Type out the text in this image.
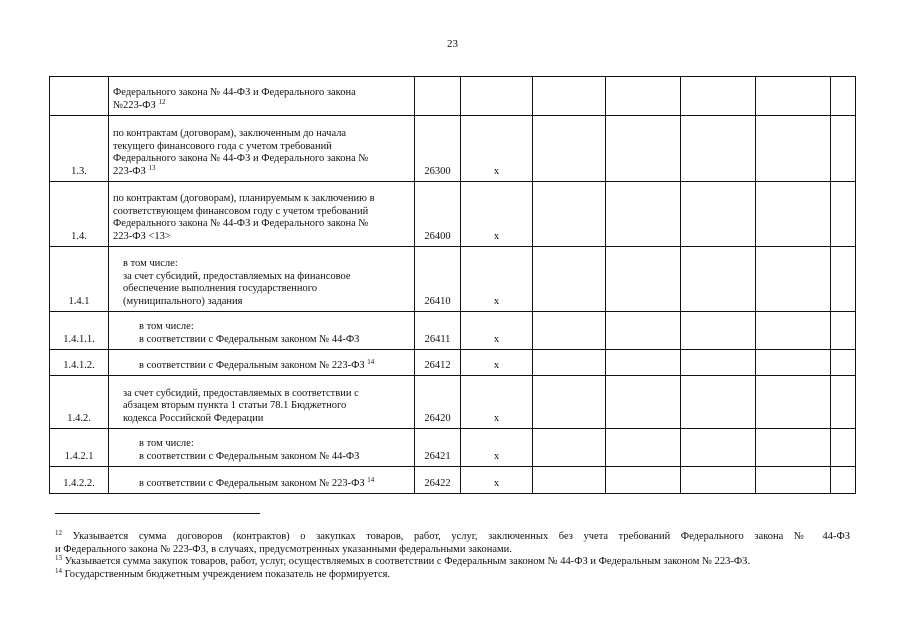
23

	Федерального закона № 44-ФЗ и Федерального закона
№223-ФЗ $^{12}$

1.3.	по контрактам (договорам), заключенным до начала
текущего финансового года с учетом требований
Федерального закона № 44-ФЗ и Федерального закона №
223-ФЗ $^{13}$	26300	х					
1.4.	по контрактам (договорам), планируемым к заключению в
соответствующем финансовом году с учетом требований
Федерального закона № 44-ФЗ и Федерального закона №
223-ФЗ <13>	26400	х					
1.4.1	в том числе:
за счет субсидий, предоставляемых на финансовое
обеспечение выполнения государственного
(муниципального) задания	26410	х					
1.4.1.1.	в том числе:
в соответствии с Федеральным законом № 44-ФЗ	26411	х					
1.4.1.2.	в соответствии с Федеральным законом № 223-ФЗ $^{14}$	26412	х					
1.4.2.	за счет субсидий, предоставляемых в соответствии с
абзацем вторым пункта 1 статьи 78.1 Бюджетного
кодекса Российской Федерации	26420	х					
1.4.2.1	в том числе:
в соответствии с Федеральным законом № 44-ФЗ	26421	х					
1.4.2.2.	в соответствии с Федеральным законом № 223-ФЗ $^{14}$	26422	х					
$^{12}$ Указывается сумма договоров (контрактов) о закупках товаров, работ, услуг, заключенных без учета требований Федерального закона № 44-ФЗ
и Федерального закона № 223-ФЗ, в случаях, предусмотренных указанными федеральными законами.
$^{13}$ Указывается сумма закупок товаров, работ, услуг, осуществляемых в соответствии с Федеральным законом № 44-ФЗ и Федеральным законом № 223-ФЗ.
$^{14}$ Государственным бюджетным учреждением показатель не формируется.
